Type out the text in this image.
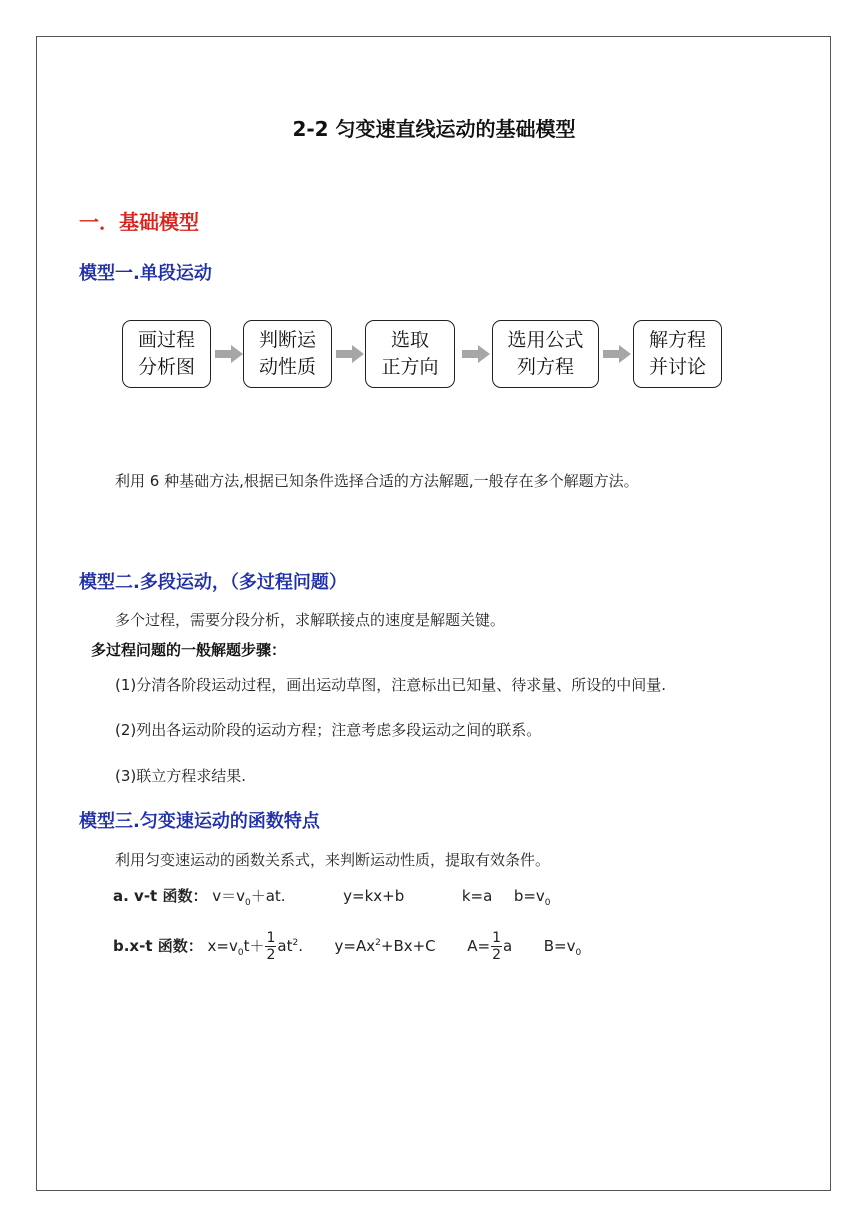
2-2 匀变速直线运动的基础模型
一．基础模型
模型一.单段运动
画过程
分析图
判断运
动性质
选取
正方向
选用公式
列方程
解方程
并讨论
利用 6 种基础方法,根据已知条件选择合适的方法解题,一般存在多个解题方法。
模型二.多段运动，（多过程问题）
多个过程，需要分段分析，求解联接点的速度是解题关键。
多过程问题的一般解题步骤：
(1)分清各阶段运动过程，画出运动草图，注意标出已知量、待求量、所设的中间量.
(2)列出各运动阶段的运动方程；注意考虑多段运动之间的联系。
(3)联立方程求结果.
模型三.匀变速运动的函数特点
利用匀变速运动的函数关系式，来判断运动性质，提取有效条件。
a. v-t 函数： $v=v_0+at$.	y=kx+b	k=a $b=v_0$
b.x-t 函数： $x=v_0t+ \frac{1}{2} at^2$. $y=Ax^2+Bx+C$ $A= \frac{1}{2}$ a $B=v_0$
